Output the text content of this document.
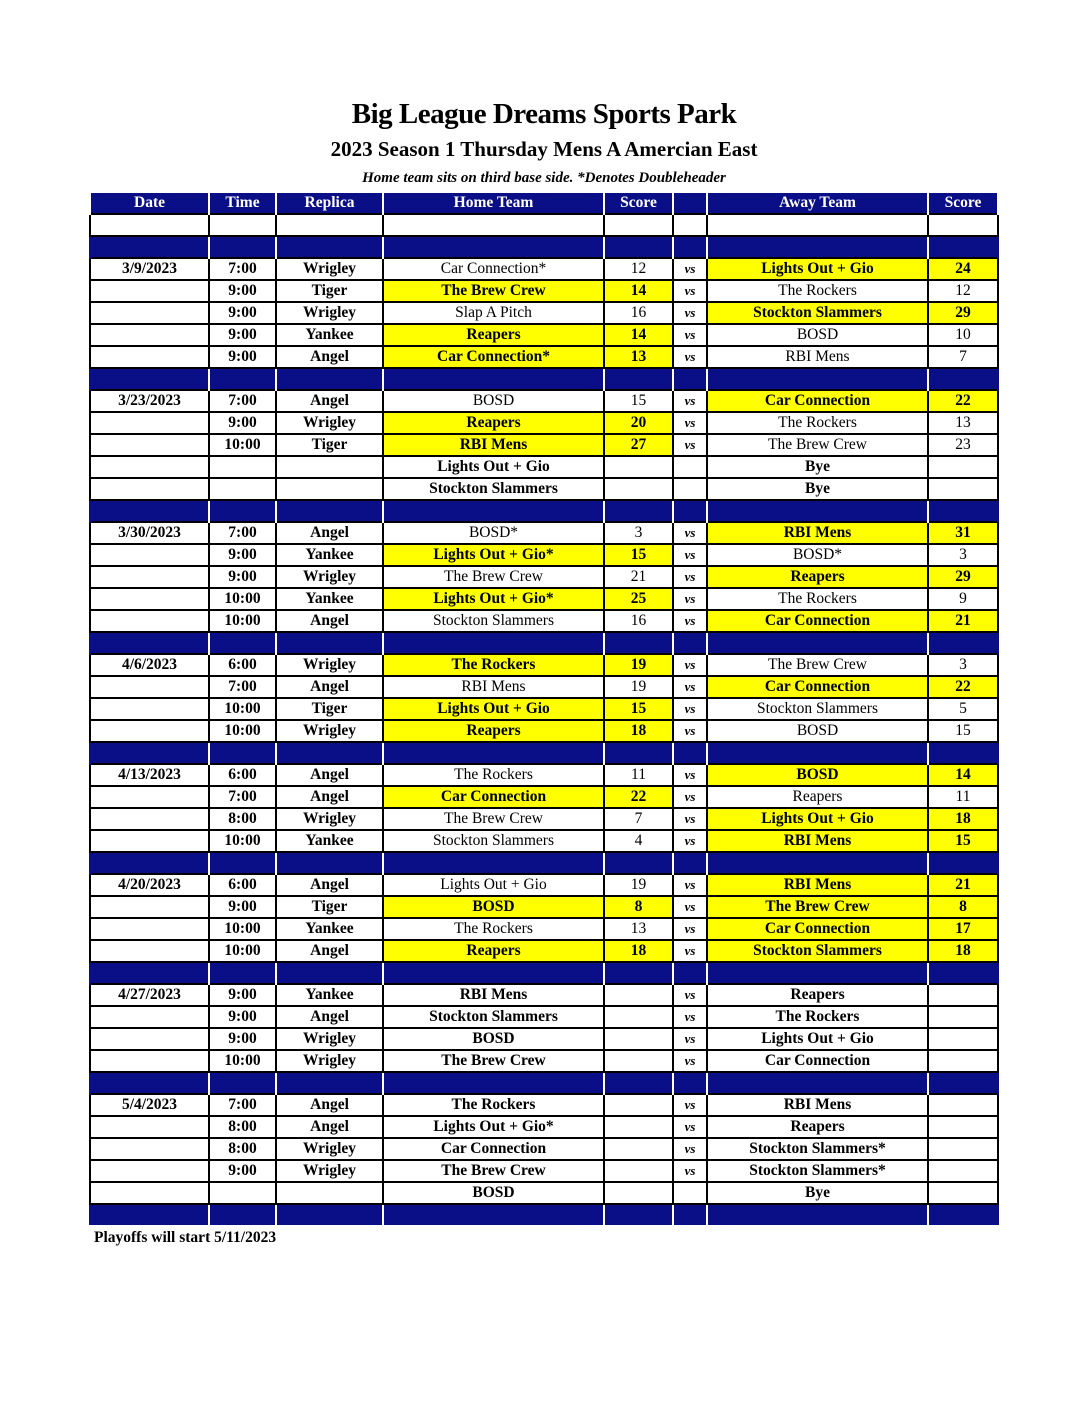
Big League Dreams Sports Park
2023 Season 1 Thursday Mens A Amercian East
Home team sits on third base side. *Denotes Doubleheader
Date	Time	Replica	Home Team	Score		Away Team	Score

3/9/2023	7:00	Wrigley	Car Connection*	12	vs	Lights Out + Gio	24
	9:00	Tiger	The Brew Crew	14	vs	The Rockers	12
	9:00	Wrigley	Slap A Pitch	16	vs	Stockton Slammers	29
	9:00	Yankee	Reapers	14	vs	BOSD	10
	9:00	Angel	Car Connection*	13	vs	RBI Mens	7

3/23/2023	7:00	Angel	BOSD	15	vs	Car Connection	22
	9:00	Wrigley	Reapers	20	vs	The Rockers	13
	10:00	Tiger	RBI Mens	27	vs	The Brew Crew	23
			Lights Out + Gio			Bye	
			Stockton Slammers			Bye	

3/30/2023	7:00	Angel	BOSD*	3	vs	RBI Mens	31
	9:00	Yankee	Lights Out + Gio*	15	vs	BOSD*	3
	9:00	Wrigley	The Brew Crew	21	vs	Reapers	29
	10:00	Yankee	Lights Out + Gio*	25	vs	The Rockers	9
	10:00	Angel	Stockton Slammers	16	vs	Car Connection	21

4/6/2023	6:00	Wrigley	The Rockers	19	vs	The Brew Crew	3
	7:00	Angel	RBI Mens	19	vs	Car Connection	22
	10:00	Tiger	Lights Out + Gio	15	vs	Stockton Slammers	5
	10:00	Wrigley	Reapers	18	vs	BOSD	15

4/13/2023	6:00	Angel	The Rockers	11	vs	BOSD	14
	7:00	Angel	Car Connection	22	vs	Reapers	11
	8:00	Wrigley	The Brew Crew	7	vs	Lights Out + Gio	18
	10:00	Yankee	Stockton Slammers	4	vs	RBI Mens	15

4/20/2023	6:00	Angel	Lights Out + Gio	19	vs	RBI Mens	21
	9:00	Tiger	BOSD	8	vs	The Brew Crew	8
	10:00	Yankee	The Rockers	13	vs	Car Connection	17
	10:00	Angel	Reapers	18	vs	Stockton Slammers	18

4/27/2023	9:00	Yankee	RBI Mens		vs	Reapers	
	9:00	Angel	Stockton Slammers		vs	The Rockers	
	9:00	Wrigley	BOSD		vs	Lights Out + Gio	
	10:00	Wrigley	The Brew Crew		vs	Car Connection	

5/4/2023	7:00	Angel	The Rockers		vs	RBI Mens	
	8:00	Angel	Lights Out + Gio*		vs	Reapers	
	8:00	Wrigley	Car Connection		vs	Stockton Slammers*	
	9:00	Wrigley	The Brew Crew		vs	Stockton Slammers*	
			BOSD			Bye	

Playoffs will start 5/11/2023
